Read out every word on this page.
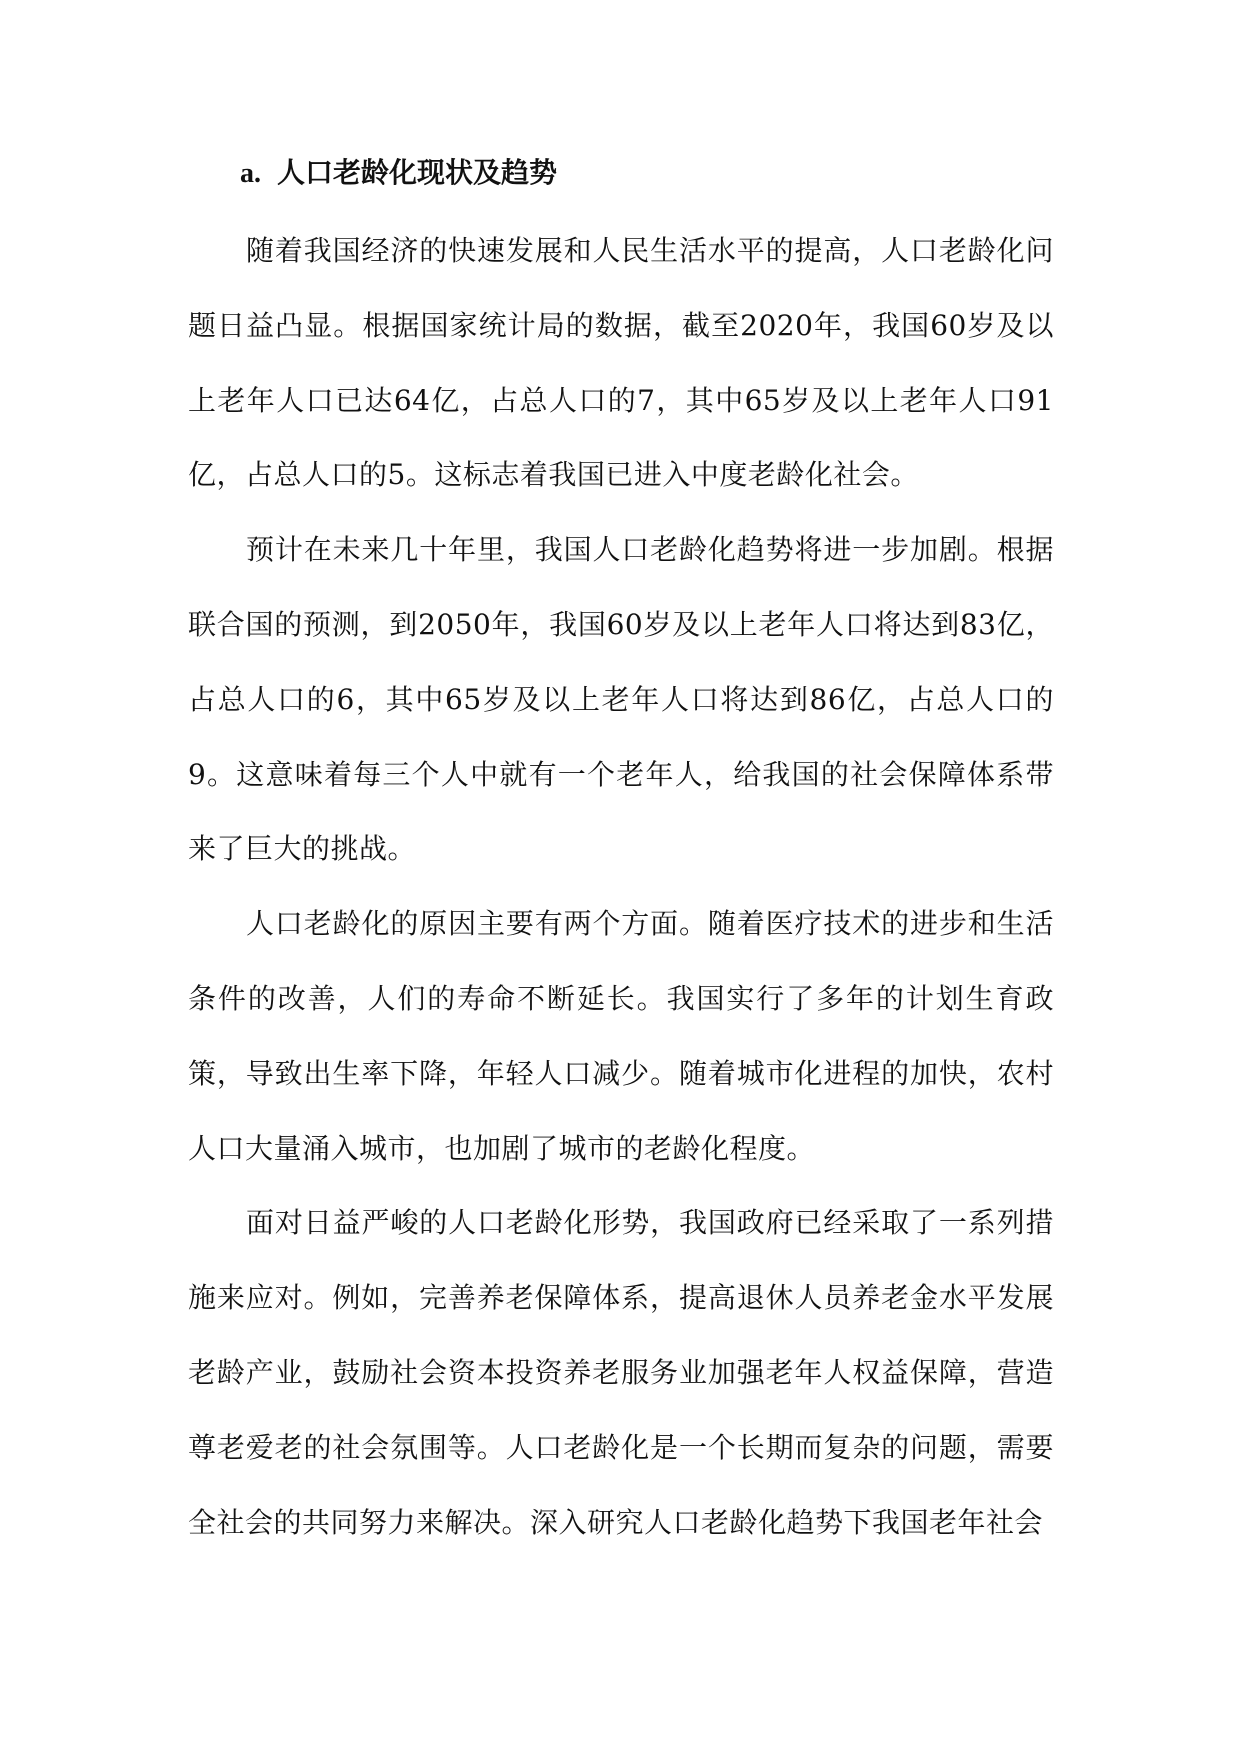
a. 人口老龄化现状及趋势

随着我国经济的快速发展和人民生活水平的提高，人口老龄化问题日益凸显。根据国家统计局的数据，截至2020年，我国60岁及以上老年人口已达64亿，占总人口的7，其中65岁及以上老年人口91亿，占总人口的5。这标志着我国已进入中度老龄化社会。

预计在未来几十年里，我国人口老龄化趋势将进一步加剧。根据联合国的预测，到2050年，我国60岁及以上老年人口将达到83亿，占总人口的6，其中65岁及以上老年人口将达到86亿，占总人口的9。这意味着每三个人中就有一个老年人，给我国的社会保障体系带来了巨大的挑战。

人口老龄化的原因主要有两个方面。随着医疗技术的进步和生活条件的改善，人们的寿命不断延长。我国实行了多年的计划生育政策，导致出生率下降，年轻人口减少。随着城市化进程的加快，农村人口大量涌入城市，也加剧了城市的老龄化程度。

面对日益严峻的人口老龄化形势，我国政府已经采取了一系列措施来应对。例如，完善养老保障体系，提高退休人员养老金水平发展老龄产业，鼓励社会资本投资养老服务业加强老年人权益保障，营造尊老爱老的社会氛围等。人口老龄化是一个长期而复杂的问题，需要全社会的共同努力来解决。深入研究人口老龄化趋势下我国老年社会
